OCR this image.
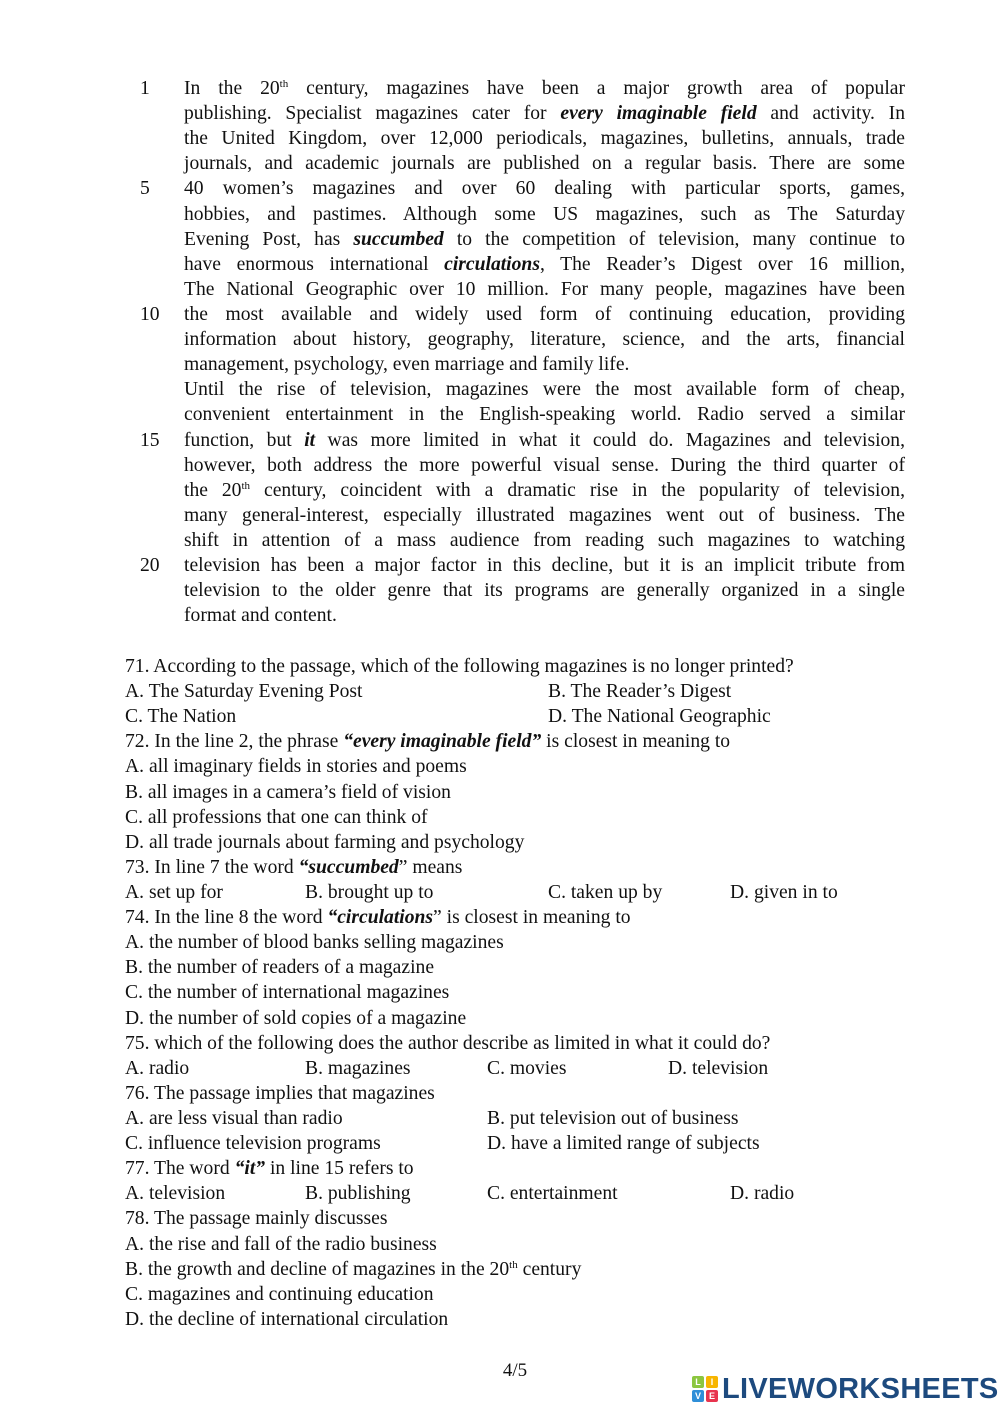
1	In the 20th century, magazines have been a major growth area of popular
publishing. Specialist magazines cater for every imaginable field and activity. In
the United Kingdom, over 12,000 periodicals, magazines, bulletins, annuals, trade
journals, and academic journals are published on a regular basis. There are some
5	40 women’s magazines and over 60 dealing with particular sports, games,
hobbies, and pastimes. Although some US magazines, such as The Saturday
Evening Post, has succumbed to the competition of television, many continue to
have enormous international circulations, The Reader’s Digest over 16 million,
The National Geographic over 10 million. For many people, magazines have been
10 the most available and widely used form of continuing education, providing
information about history, geography, literature, science, and the arts, financial
management, psychology, even marriage and family life.
Until the rise of television, magazines were the most available form of cheap,
convenient entertainment in the English-speaking world. Radio served a similar
15 function, but it was more limited in what it could do. Magazines and television,
however, both address the more powerful visual sense. During the third quarter of
the 20th century, coincident with a dramatic rise in the popularity of television,
many general-interest, especially illustrated magazines went out of business. The
shift in attention of a mass audience from reading such magazines to watching
20 television has been a major factor in this decline, but it is an implicit tribute from
television to the older genre that its programs are generally organized in a single
format and content.
71. According to the passage, which of the following magazines is no longer printed?
A. The Saturday Evening Post	B. The Reader’s Digest
C. The Nation	D. The National Geographic
72. In the line 2, the phrase “every imaginable field” is closest in meaning to
A. all imaginary fields in stories and poems
B. all images in a camera’s field of vision
C. all professions that one can think of
D. all trade journals about farming and psychology
73. In line 7 the word “succumbed” means
A. set up for	B. brought up to	C. taken up by	D. given in to
74. In the line 8 the word “circulations” is closest in meaning to
A. the number of blood banks selling magazines
B. the number of readers of a magazine
C. the number of international magazines
D. the number of sold copies of a magazine
75. which of the following does the author describe as limited in what it could do?
A. radio	B. magazines	C. movies	D. television
76. The passage implies that magazines
A. are less visual than radio	B. put television out of business
C. influence television programs	D. have a limited range of subjects
77. The word “it” in line 15 refers to
A. television	B. publishing	C. entertainment	D. radio
78. The passage mainly discusses
A. the rise and fall of the radio business
B. the growth and decline of magazines in the 20th century
C. magazines and continuing education
D. the decline of international circulation
4/5
L	I
V E LIVEWORKSHEETS
